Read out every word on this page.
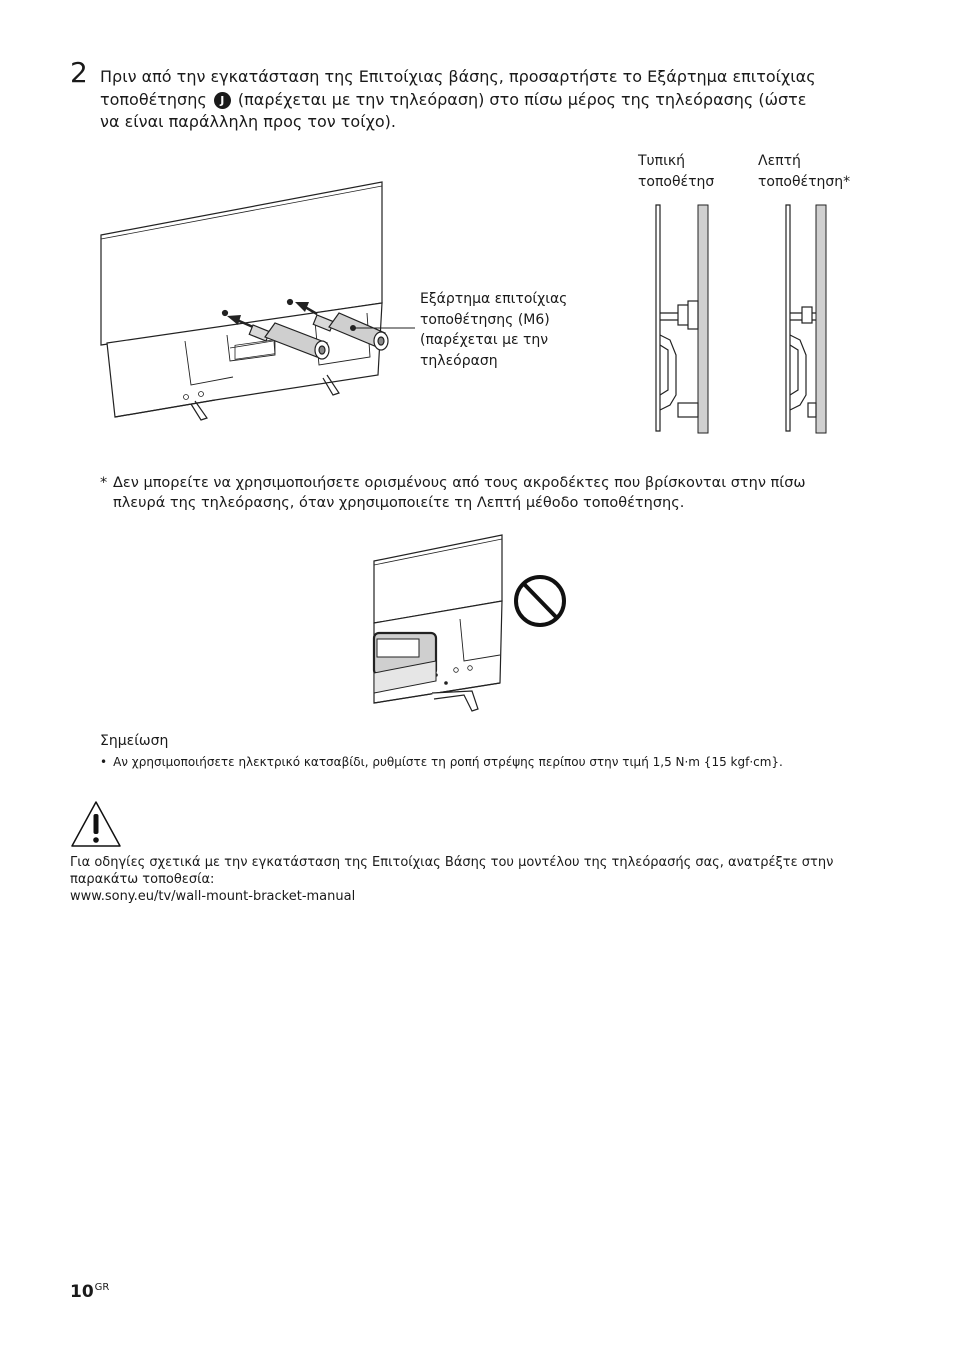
2 Πριν από την εγκατάσταση της Επιτοίχιας βάσης, προσαρτήστε το Εξάρτημα επιτοίχιας τοποθέτησης J (παρέχεται με την τηλεόραση) στο πίσω μέρος της τηλεόρασης (ώστε να είναι παράλληλη προς τον τοίχο).
Εξάρτημα επιτοίχιας
τοποθέτησης (M6)
(παρέχεται με την
τηλεόραση
Τυπική
τοποθέτησ
Λεπτή
τοποθέτηση*
* Δεν μπορείτε να χρησιμοποιήσετε ορισμένους από τους ακροδέκτες που βρίσκονται στην πίσω πλευρά της τηλεόρασης, όταν χρησιμοποιείτε τη Λεπτή μέθοδο τοποθέτησης.
Σημείωση
• Αν χρησιμοποιήσετε ηλεκτρικό κατσαβίδι, ρυθμίστε τη ροπή στρέψης περίπου στην τιμή 1,5 N·m {15 kgf·cm}.
Για οδηγίες σχετικά με την εγκατάσταση της Επιτοίχιας Βάσης του μοντέλου της τηλεόρασής σας, ανατρέξτε στην παρακάτω τοποθεσία:
www.sony.eu/tv/wall-mount-bracket-manual
$10^{GR}$
